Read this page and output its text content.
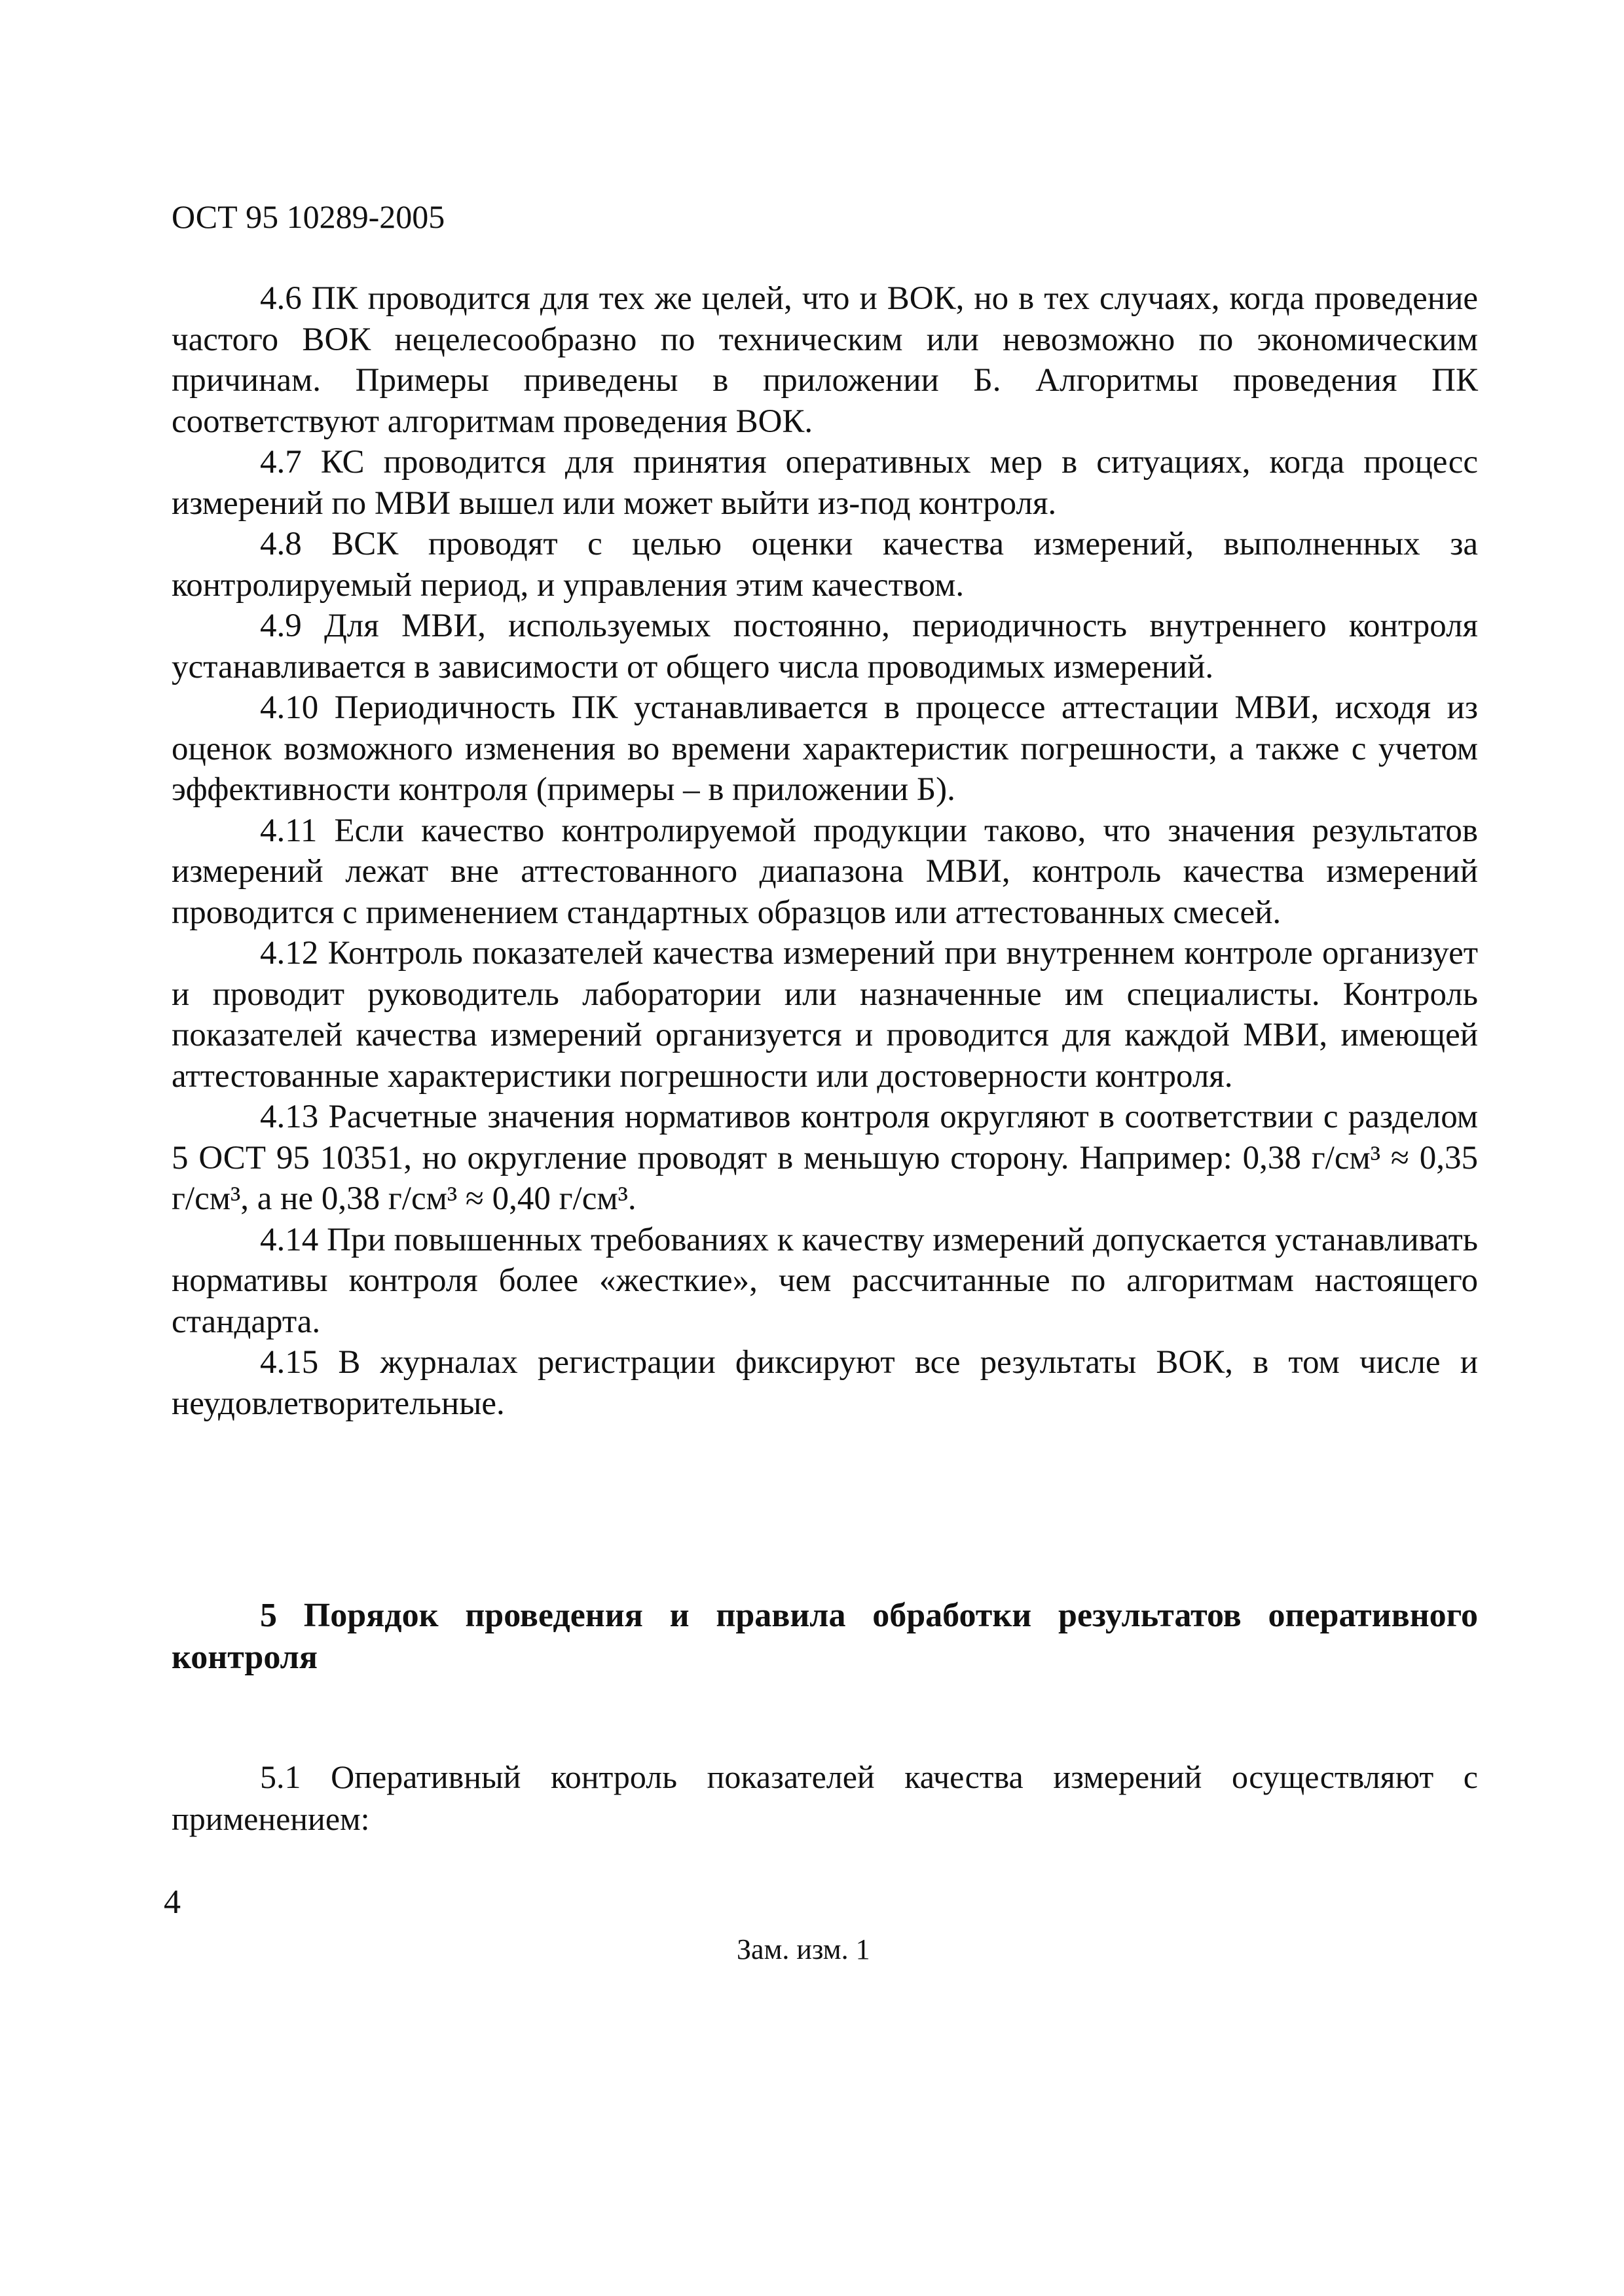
ОСТ 95 10289-2005

4.6 ПК проводится для тех же целей, что и ВОК, но в тех случаях, когда проведение частого ВОК нецелесообразно по техническим или невозможно по экономическим причинам. Примеры приведены в приложении Б. Алгоритмы проведения ПК соответствуют алгоритмам проведения ВОК.

4.7 КС проводится для принятия оперативных мер в ситуациях, когда процесс измерений по МВИ вышел или может выйти из-под контроля.

4.8 ВСК проводят с целью оценки качества измерений, выполненных за контролируемый период, и управления этим качеством.

4.9 Для МВИ, используемых постоянно, периодичность внутреннего контроля устанавливается в зависимости от общего числа проводимых измерений.

4.10 Периодичность ПК устанавливается в процессе аттестации МВИ, исходя из оценок возможного изменения во времени характеристик погрешности, а также с учетом эффективности контроля (примеры – в приложении Б).

4.11 Если качество контролируемой продукции таково, что значения результатов измерений лежат вне аттестованного диапазона МВИ, контроль качества измерений проводится с применением стандартных образцов или аттестованных смесей.

4.12 Контроль показателей качества измерений при внутреннем контроле организует и проводит руководитель лаборатории или назначенные им специалисты. Контроль показателей качества измерений организуется и проводится для каждой МВИ, имеющей аттестованные характеристики погрешности или достоверности контроля.

4.13 Расчетные значения нормативов контроля округляют в соответствии с разделом 5 ОСТ 95 10351, но округление проводят в меньшую сторону. Например: 0,38 г/см³ ≈ 0,35 г/см³, а не 0,38 г/см³ ≈ 0,40 г/см³.

4.14 При повышенных требованиях к качеству измерений допускается устанавливать нормативы контроля более «жесткие», чем рассчитанные по алгоритмам настоящего стандарта.

4.15 В журналах регистрации фиксируют все результаты ВОК, в том числе и неудовлетворительные.

5 Порядок проведения и правила обработки результатов оперативного контроля

5.1 Оперативный контроль показателей качества измерений осуществляют с применением:

4
Зам. изм. 1
